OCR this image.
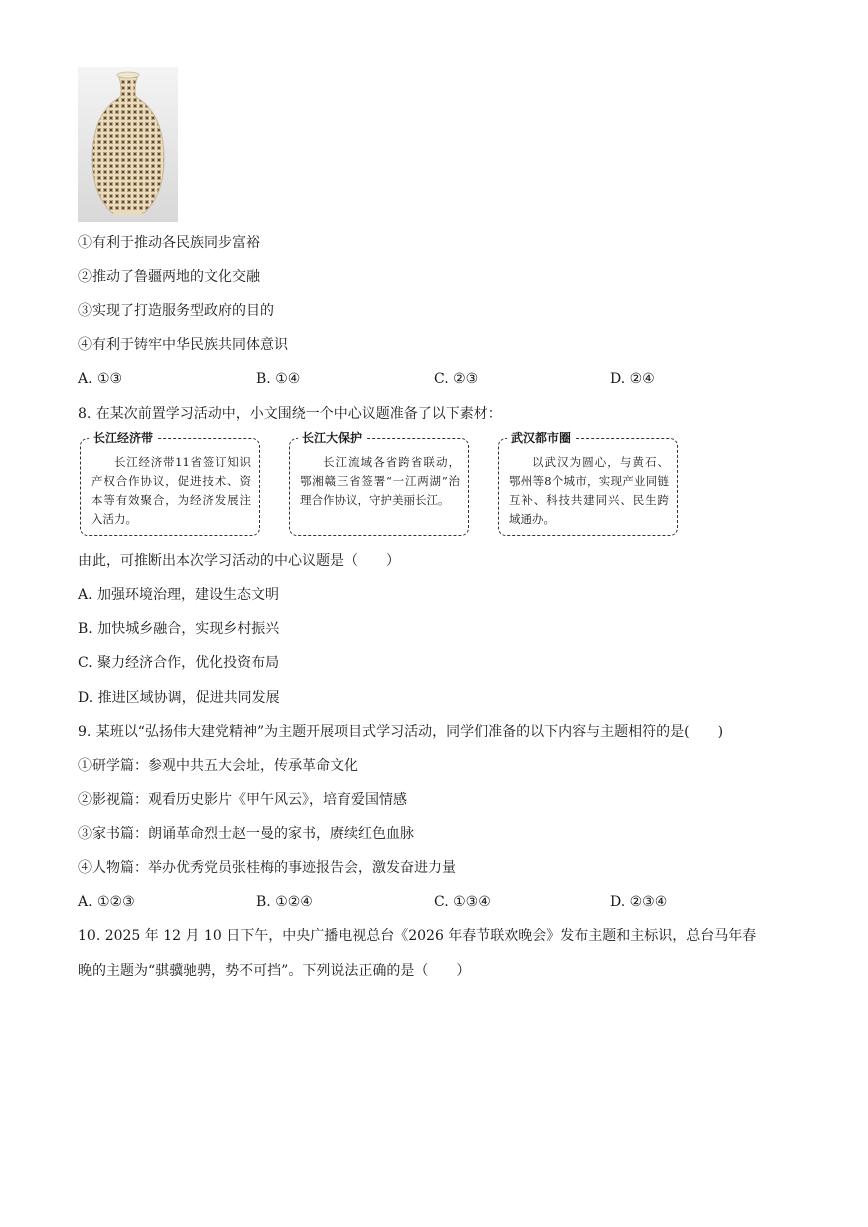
①有利于推动各民族同步富裕
②推动了鲁疆两地的文化交融
③实现了打造服务型政府的目的
④有利于铸牢中华民族共同体意识
A. ①③	B. ①④	C. ②③	D. ②④
8. 在某次前置学习活动中，小文围绕一个中心议题准备了以下素材：
长江经济带
长江经济带11省签订知识产权合作协议，促进技术、资本等有效聚合，为经济发展注入活力。
长江大保护
长江流域各省跨省联动，鄂湘赣三省签署“一江两湖”治理合作协议，守护美丽长江。
武汉都市圈
以武汉为圆心，与黄石、鄂州等8个城市，实现产业同链互补、科技共建同兴、民生跨域通办。
由此，可推断出本次学习活动的中心议题是（　　）
A. 加强环境治理，建设生态文明
B. 加快城乡融合，实现乡村振兴
C. 聚力经济合作，优化投资布局
D. 推进区域协调，促进共同发展
9. 某班以“弘扬伟大建党精神”为主题开展项目式学习活动，同学们准备的以下内容与主题相符的是(　　)
①研学篇：参观中共五大会址，传承革命文化
②影视篇：观看历史影片《甲午风云》，培育爱国情感
③家书篇：朗诵革命烈士赵一曼的家书，赓续红色血脉
④人物篇：举办优秀党员张桂梅的事迹报告会，激发奋进力量
A. ①②③	B. ①②④	C. ①③④	D. ②③④
10. 2025 年 12 月 10 日下午，中央广播电视总台《2026 年春节联欢晚会》发布主题和主标识，总台马年春
晚的主题为“骐骥驰骋，势不可挡”。下列说法正确的是（　　）
